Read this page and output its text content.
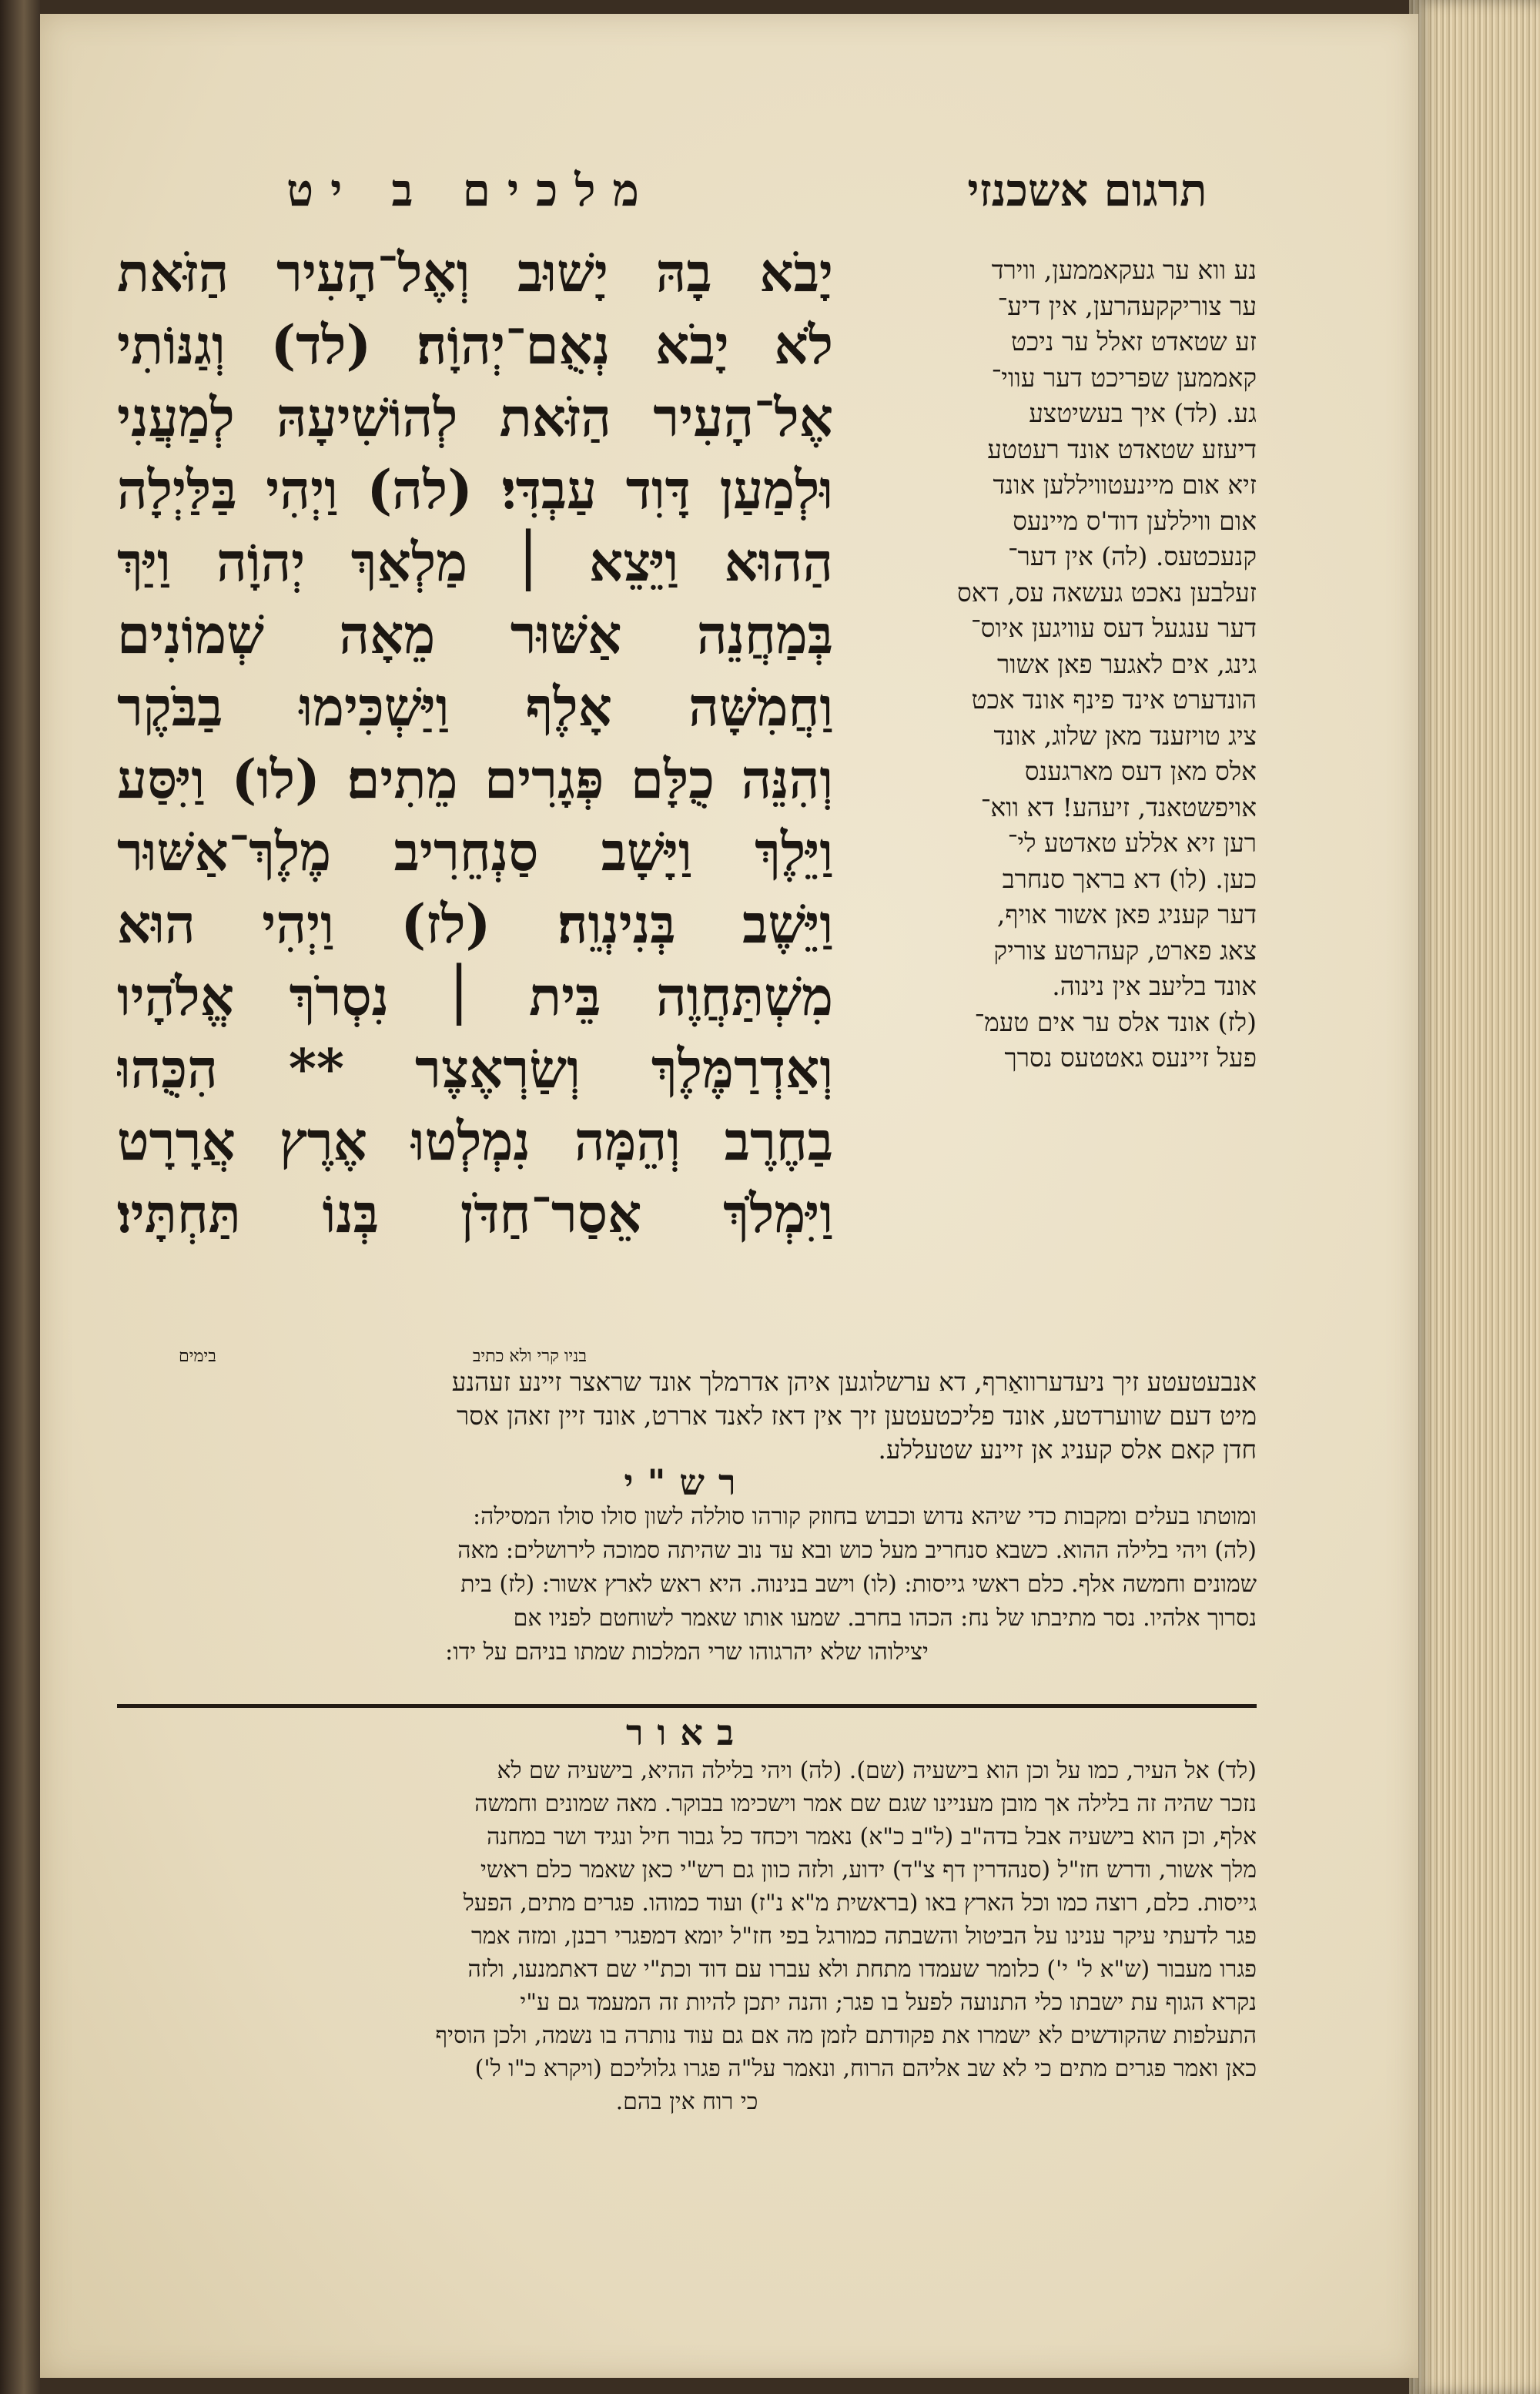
תרגום אשכנזי
מלכים ב יט
יָבֹא בָהּ יָשׁוּב וְאֶל־הָעִיר הַזֹּאת
לֹא יָבֹא נְאֻם־יְהוָֹה׃ (לד) וְגַנּוֹתִי
אֶל־הָעִיר הַזֹּאת לְהוֹשִׁיעָהּ לְמַעֲנִי
וּלְמַעַן דָּוִד עַבְדִּי׃ (לה) וַיְהִי בַּלַּיְלָה
הַהוּא וַיֵּצֵא ׀ מַלְאַךְ יְהוָֹה וַיַּךְ
בְּמַחֲנֵה אַשּׁוּר מֵאָה שְׁמוֹנִים
וַחֲמִשָּׁה אָלֶף וַיַּשְׁכִּימוּ בַבֹּקֶר
וְהִנֵּה כֻלָּם פְּגָרִים מֵתִים׃ (לו) וַיִּסַּע
וַיֵּלֶךְ וַיָּשָׁב סַנְחֵרִיב מֶלֶךְ־אַשּׁוּר
וַיֵּשֶׁב בְּנִינְוֵה׃ (לז) וַיְהִי הוּא
מִשְׁתַּחֲוֶה בֵּית ׀ נִסְרֹךְ אֱלֹהָיו
וְאַדְרַמֶּלֶךְ וְשַׂרְאֶצֶר ** הִכֻּהוּ
בַחֶרֶב וְהֵמָּה נִמְלְטוּ אֶרֶץ אֲרָרָט
וַיִּמְלֹךְ אֵסַר־חַדֹּן בְּנוֹ תַּחְתָּיו׃
נע ווא ער געקאממען, ווירד
ער צוריקקעהרען, אין דיע־
זע שטאדט זאלל ער ניכט
קאממען שפריכט דער עווי־
גע. (לד) איך בעשיטצע
דיעזע שטאדט אונד רעטטע
זיא אום מיינעטוויללען אונד
אום וויללען דוד'ס מיינעס
קנעכטעס. (לה) אין דער־
זעלבען נאכט געשאה עס, דאס
דער ענגעל דעס עוויגען איוס־
גינג, אים לאגער פאן אשור
הונדערט אינד פינף אונד אכט
ציג טויזענד מאן שלוג, אונד
אלס מאן דעס מארגענס
אויפשטאנד, זיעהע! דא ווא־
רען זיא אללע טאדטע לי־
כען. (לו) דא בראך סנחרב
דער קעניג פאן אשור אויף,
צאג פארט, קעהרטע צוריק
אונד בליעב אין נינוה.
(לז) אונד אלס ער אים טעמ־
פעל זיינעס גאטטעס נסרך
בניו קרי ולא כתיב
בימים
אנבעטעטע זיך ניעדערוואַרף, דא ערשלוגען איהן אדרמלך אונד שראצר זיינע זעהנע
מיט דעם שווערדטע, אונד פליכטעטען זיך אין דאז לאנד אררט, אונד זיין זאהן אסר
חדן קאם אלס קעניג אן זיינע שטעללע.
רש"י
ומוטתו בעלים ומקבות כדי שיהא נדוש וכבוש בחוזק קורהו סוללה לשון סולו סולו המסילה:
(לה) ויהי בלילה ההוא. כשבא סנחריב מעל כוש ובא עד נוב שהיתה סמוכה לירושלים: מאה
שמונים וחמשה אלף. כלם ראשי גייסות: (לו) וישב בנינוה. היא ראש לארץ אשור: (לז) בית
נסרוך אלהיו. נסר מתיבתו של נח: הכהו בחרב. שמעו אותו שאמר לשוחטם לפניו אם
יצילוהו שלא יהרגוהו שרי המלכות שמתו בניהם על ידו:
באור
(לד) אל העיר, כמו על וכן הוא בישעיה (שם). (לה) ויהי בלילה ההיא, בישעיה שם לא
נזכר שהיה זה בלילה אך מובן מעניינו שגם שם אמר וישכימו בבוקר. מאה שמונים וחמשה
אלף, וכן הוא בישעיה אבל בדה"ב (ל"ב כ"א) נאמר ויכחד כל גבור חיל ונגיד ושר במחנה
מלך אשור, ודרש חז"ל (סנהדרין דף צ"ד) ידוע, ולזה כוון גם רש"י כאן שאמר כלם ראשי
גייסות. כלם, רוצה כמו וכל הארץ באו (בראשית מ"א נ"ז) ועוד כמוהו. פגרים מתים, הפעל
פגר לדעתי עיקר ענינו על הביטול והשבתה כמורגל בפי חז"ל יומא דמפגרי רבנן, ומזה אמר
פגרו מעבור (ש"א ל' י') כלומר שעמדו מתחת ולא עברו עם דוד וכת"י שם דאתמנעו, ולזה
נקרא הגוף עת ישבתו כלי התנועה לפעל בו פגר; והנה יתכן להיות זה המעמד גם ע"י
התעלפות שהקודשים לא ישמרו את פקודתם לזמן מה אם גם עוד נותרה בו נשמה, ולכן הוסיף
כאן ואמר פגרים מתים כי לא שב אליהם הרוח, ונאמר על"ה פגרו גלוליכם (ויקרא כ"ו ל')
כי רוח אין בהם.
